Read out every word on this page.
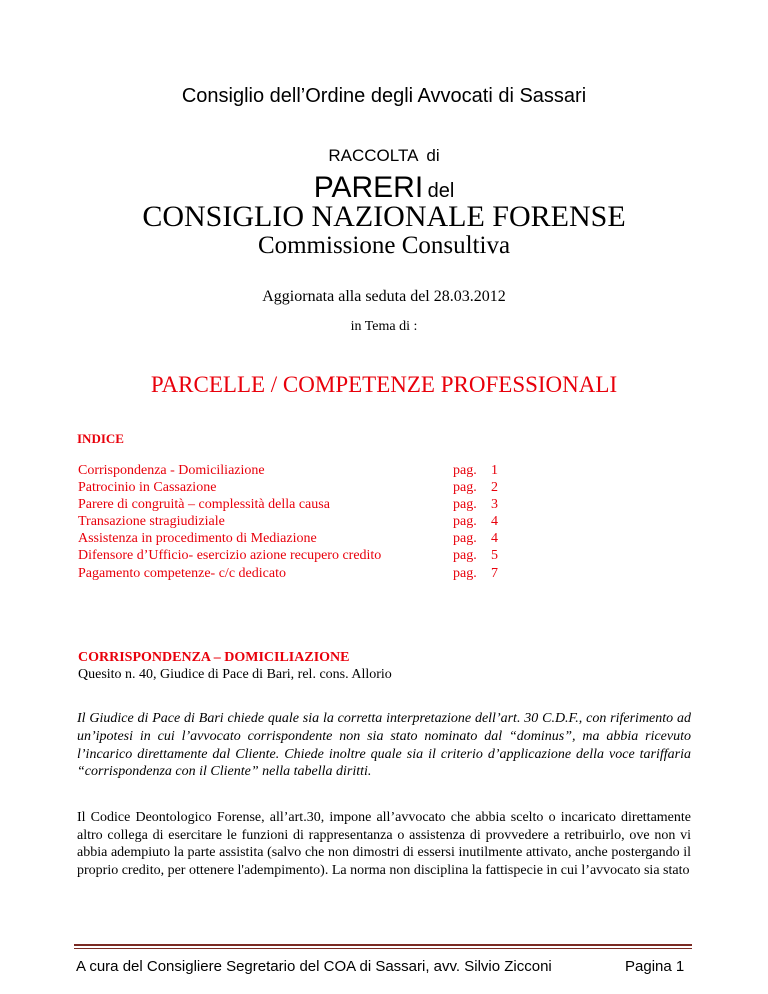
Consiglio dell’Ordine degli Avvocati di Sassari
RACCOLTA di
PARERI del
CONSIGLIO NAZIONALE FORENSE
Commissione Consultiva
Aggiornata alla seduta del 28.03.2012
in Tema di :
PARCELLE / COMPETENZE PROFESSIONALI
INDICE
Corrispondenza - Domiciliazione	pag.	1
Patrocinio in Cassazione	pag.	2
Parere di congruità – complessità della causa	pag.	3
Transazione stragiudiziale	pag.	4
Assistenza in procedimento di Mediazione	pag.	4
Difensore d’Ufficio- esercizio azione recupero credito	pag.	5
Pagamento competenze- c/c dedicato	pag.	7
CORRISPONDENZA – DOMICILIAZIONE
Quesito n. 40, Giudice di Pace di Bari, rel. cons. Allorio
Il Giudice di Pace di Bari chiede quale sia la corretta interpretazione dell’art. 30 C.D.F., con riferimento ad un’ipotesi in cui l’avvocato corrispondente non sia stato nominato dal “dominus”, ma abbia ricevuto l’incarico direttamente dal Cliente. Chiede inoltre quale sia il criterio d’applicazione della voce tariffaria “corrispondenza con il Cliente” nella tabella diritti.
Il Codice Deontologico Forense, all’art.30, impone all’avvocato che abbia scelto o incaricato direttamente altro collega di esercitare le funzioni di rappresentanza o assistenza di provvedere a retribuirlo, ove non vi abbia adempiuto la parte assistita (salvo che non dimostri di essersi inutilmente attivato, anche postergando il proprio credito, per ottenere l'adempimento). La norma non disciplina la fattispecie in cui l’avvocato sia stato
A cura del Consigliere Segretario del COA di Sassari, avv. Silvio Zicconi	Pagina 1
